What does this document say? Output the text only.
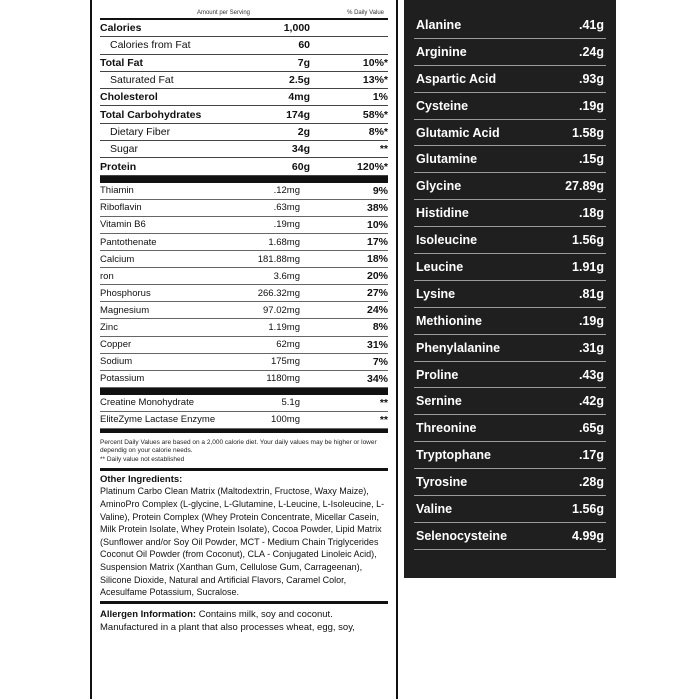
Amount per Serving	% Daily Value
Calories	1,000
Calories from Fat	60
Total Fat	7g	10%*
Saturated Fat	2.5g	13%*
Cholesterol	4mg	1%
Total Carbohydrates	174g	58%*
Dietary Fiber	2g	8%*
Sugar	34g	**
Protein	60g	120%*
Thiamin	.12mg	9%
Riboflavin	.63mg	38%
Vitamin B6	.19mg	10%
Pantothenate	1.68mg	17%
Calcium	181.88mg	18%
ron	3.6mg	20%
Phosphorus	266.32mg	27%
Magnesium	97.02mg	24%
Zinc	1.19mg	8%
Copper	62mg	31%
Sodium	175mg	7%
Potassium	1180mg	34%
Creatine Monohydrate	5.1g	**
EliteZyme Lactase Enzyme	100mg	**
Percent Daily Values are based on a 2,000 calorie diet. Your daily values may be higher or lower dependig on your calorie needs.
** Daily value not established
Other Ingredients:
Platinum Carbo Clean Matrix (Maltodextrin, Fructose, Waxy Maize), AminoPro Complex (L-glycine, L-Glutamine, L-Leucine, L-Isoleucine, L-Valine), Protein Complex (Whey Protein Concentrate, Micellar Casein, Milk Protein Isolate, Whey Protein Isolate), Cocoa Powder, Lipid Matrix (Sunflower and/or Soy Oil Powder, MCT - Medium Chain Triglycerides Coconut Oil Powder (from Coconut), CLA - Conjugated Linoleic Acid), Suspension Matrix (Xanthan Gum, Cellulose Gum, Carrageenan), Silicone Dioxide, Natural and Artificial Flavors, Caramel Color, Acesulfame Potassium, Sucralose.
Allergen Information: Contains milk, soy and coconut. Manufactured in a plant that also processes wheat, egg, soy,
Alanine	.41g
Arginine	.24g
Aspartic Acid	.93g
Cysteine	.19g
Glutamic Acid	1.58g
Glutamine	.15g
Glycine	27.89g
Histidine	.18g
Isoleucine	1.56g
Leucine	1.91g
Lysine	.81g
Methionine	.19g
Phenylalanine	.31g
Proline	.43g
Sernine	.42g
Threonine	.65g
Tryptophane	.17g
Tyrosine	.28g
Valine	1.56g
Selenocysteine	4.99g
